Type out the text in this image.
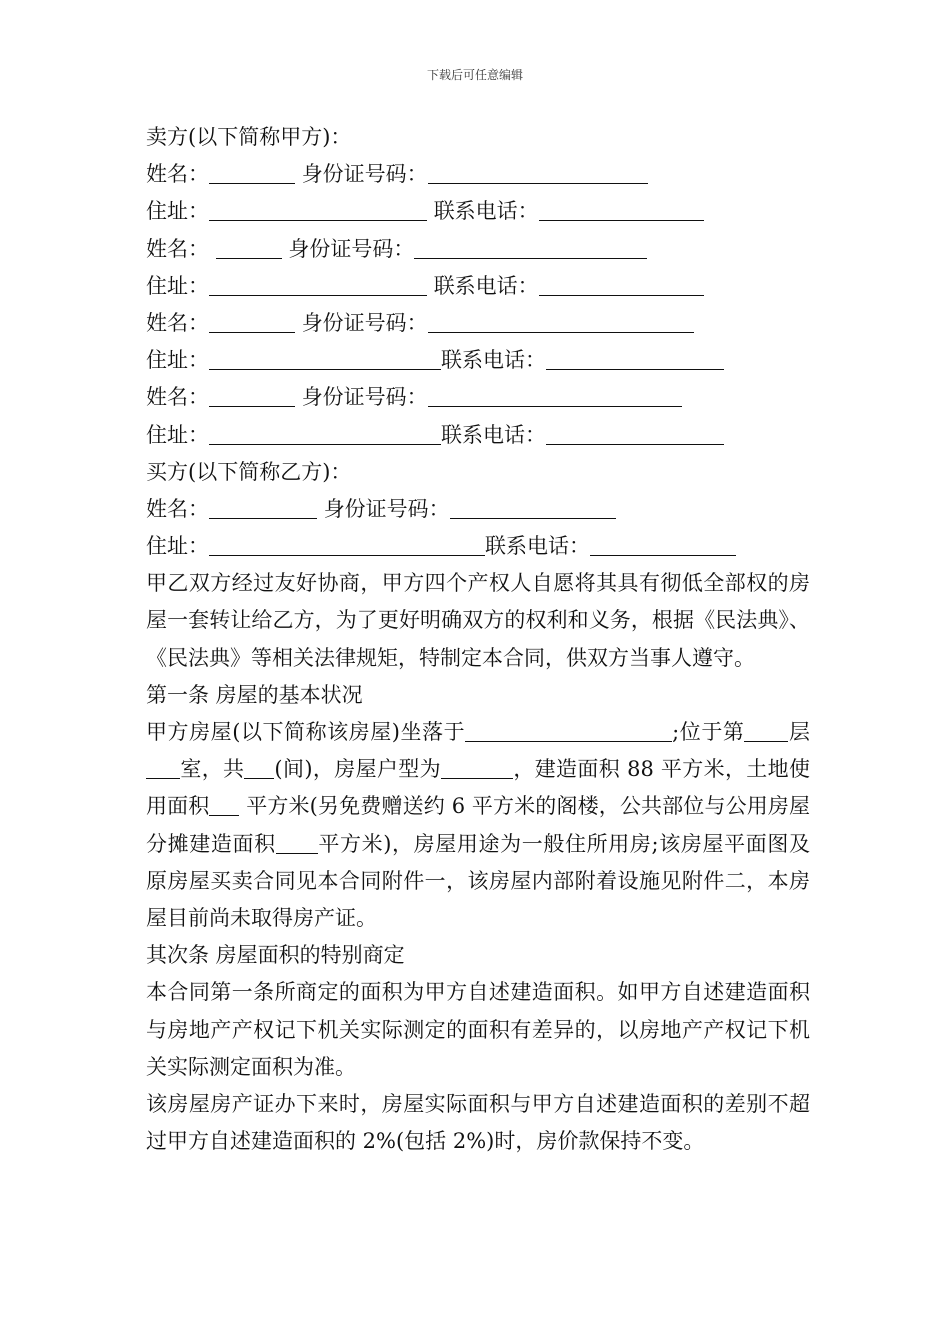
下载后可任意编辑
卖方(以下简称甲方)：
姓名：	身份证号码：
住址：	联系电话：
姓名：	身份证号码：
住址：	联系电话：
姓名：	身份证号码：
住址：	联系电话：
姓名：	身份证号码：
住址：	联系电话：
买方(以下简称乙方)：
姓名：	身份证号码：
住址：	联系电话：
甲乙双方经过友好协商，甲方四个产权人自愿将其具有彻低全部权的房屋一套转让给乙方，为了更好明确双方的权利和义务，根据《民法典》、《民法典》等相关法律规矩，特制定本合同，供双方当事人遵守。
第一条 房屋的基本状况
甲方房屋(以下简称该房屋)坐落于	;位于第 层室，共 (间)，房屋户型为	，建造面积 88 平方米，土地使用面积 平方米(另免费赠送约 6 平方米的阁楼，公共部位与公用房屋分摊建造面积 平方米)，房屋用途为一般住所用房;该房屋平面图及原房屋买卖合同见本合同附件一，该房屋内部附着设施见附件二，本房屋目前尚未取得房产证。
其次条 房屋面积的特别商定
本合同第一条所商定的面积为甲方自述建造面积。如甲方自述建造面积与房地产产权记下机关实际测定的面积有差异的，以房地产产权记下机关实际测定面积为准。
该房屋房产证办下来时，房屋实际面积与甲方自述建造面积的差别不超过甲方自述建造面积的 2%(包括 2%)时，房价款保持不变。
